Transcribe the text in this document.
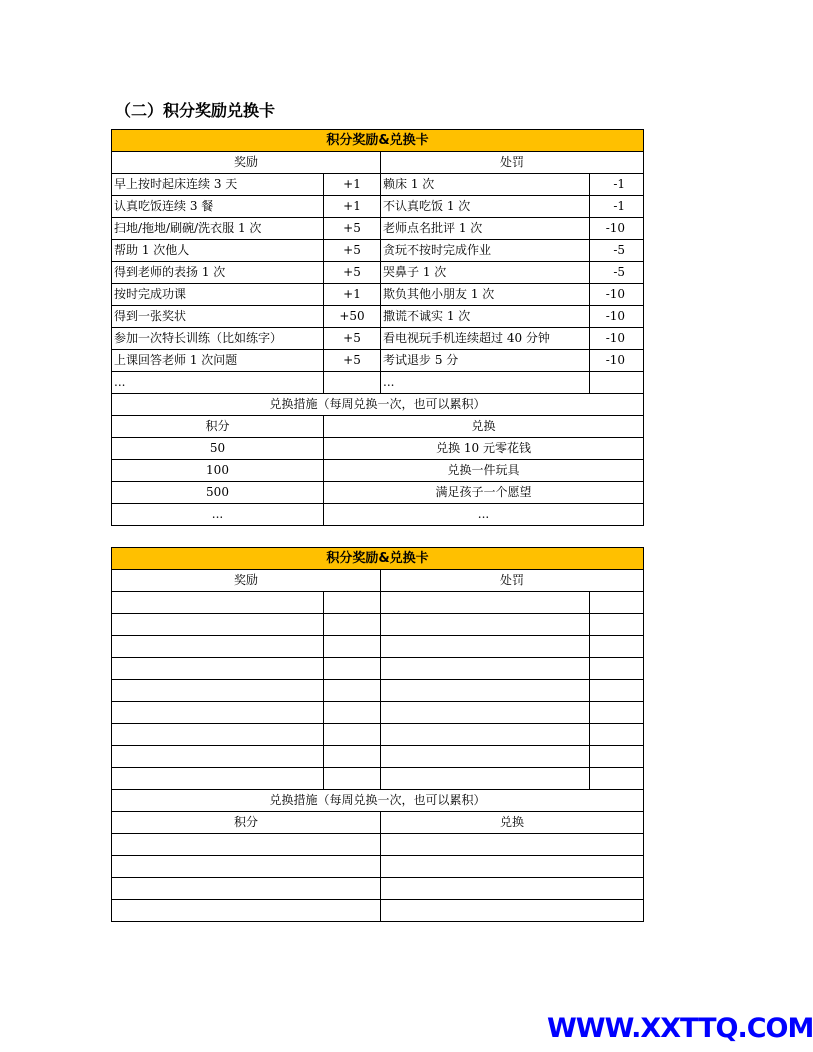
（二）积分奖励兑换卡
积分奖励&兑换卡			
奖励		处罚	
早上按时起床连续 3 天	+1	赖床 1 次	-1
认真吃饭连续 3 餐	+1	不认真吃饭 1 次	-1
扫地/拖地/刷碗/洗衣服 1 次	+5	老师点名批评 1 次	-10
帮助 1 次他人	+5	贪玩不按时完成作业	-5
得到老师的表扬 1 次	+5	哭鼻子 1 次	-5
按时完成功课	+1	欺负其他小朋友 1 次	-10
得到一张奖状	+50	撒谎不诚实 1 次	-10
参加一次特长训练（比如练字）	+5	看电视玩手机连续超过 40 分钟	-10
上课回答老师 1 次问题	+5	考试退步 5 分	-10
...		...	
兑换措施（每周兑换一次，也可以累积）			
积分	兑换		
50	兑换 10 元零花钱		
100	兑换一件玩具		
500	满足孩子一个愿望		
...	...		
积分奖励&兑换卡			
奖励		处罚	

兑换措施（每周兑换一次，也可以累积）			
积分		兑换	

WWW.XXTTQ.COM
